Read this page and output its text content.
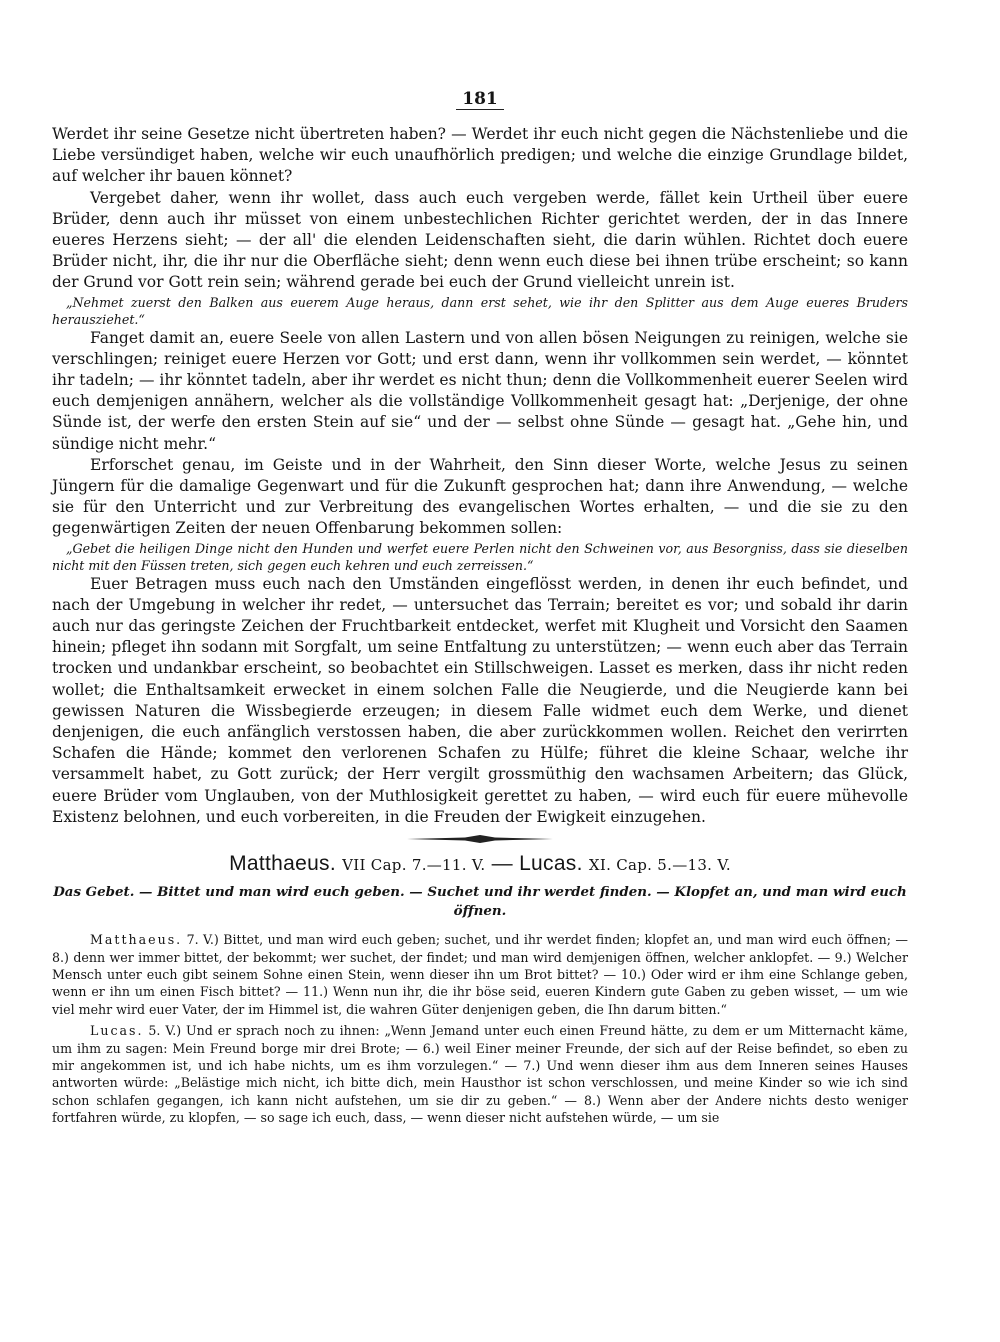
181

Werdet ihr seine Gesetze nicht übertreten haben? — Werdet ihr euch nicht gegen die Nächstenliebe und die Liebe versündiget haben, welche wir euch unaufhörlich predigen; und welche die einzige Grundlage bildet, auf welcher ihr bauen könnet?

Vergebet daher, wenn ihr wollet, dass auch euch vergeben werde, fället kein Urtheil über euere Brüder, denn auch ihr müsset von einem unbestechlichen Richter gerichtet werden, der in das Innere eueres Herzens sieht; — der all' die elenden Leidenschaften sieht, die darin wühlen. Richtet doch euere Brüder nicht, ihr, die ihr nur die Oberfläche sieht; denn wenn euch diese bei ihnen trübe erscheint; so kann der Grund vor Gott rein sein; während gerade bei euch der Grund vielleicht unrein ist.

„Nehmet zuerst den Balken aus euerem Auge heraus, dann erst sehet, wie ihr den Splitter aus dem Auge eueres Bruders herausziehet.“

Fanget damit an, euere Seele von allen Lastern und von allen bösen Neigungen zu reinigen, welche sie verschlingen; reiniget euere Herzen vor Gott; und erst dann, wenn ihr vollkommen sein werdet, — könntet ihr tadeln; — ihr könntet tadeln, aber ihr werdet es nicht thun; denn die Vollkommenheit euerer Seelen wird euch demjenigen annähern, welcher als die vollständige Vollkommenheit gesagt hat: „Derjenige, der ohne Sünde ist, der werfe den ersten Stein auf sie“ und der — selbst ohne Sünde — gesagt hat. „Gehe hin, und sündige nicht mehr.“

Erforschet genau, im Geiste und in der Wahrheit, den Sinn dieser Worte, welche Jesus zu seinen Jüngern für die damalige Gegenwart und für die Zukunft gesprochen hat; dann ihre Anwendung, — welche sie für den Unterricht und zur Verbreitung des evangelischen Wortes erhalten, — und die sie zu den gegenwärtigen Zeiten der neuen Offenbarung bekommen sollen:

„Gebet die heiligen Dinge nicht den Hunden und werfet euere Perlen nicht den Schweinen vor, aus Besorgniss, dass sie dieselben nicht mit den Füssen treten, sich gegen euch kehren und euch zerreissen.“

Euer Betragen muss euch nach den Umständen eingeflösst werden, in denen ihr euch befindet, und nach der Umgebung in welcher ihr redet, — untersuchet das Terrain; bereitet es vor; und sobald ihr darin auch nur das geringste Zeichen der Fruchtbarkeit entdecket, werfet mit Klugheit und Vorsicht den Saamen hinein; pfleget ihn sodann mit Sorgfalt, um seine Entfaltung zu unterstützen; — wenn euch aber das Terrain trocken und undankbar erscheint, so beobachtet ein Stillschweigen. Lasset es merken, dass ihr nicht reden wollet; die Enthaltsamkeit erwecket in einem solchen Falle die Neugierde, und die Neugierde kann bei gewissen Naturen die Wissbegierde erzeugen; in diesem Falle widmet euch dem Werke, und dienet denjenigen, die euch anfänglich verstossen haben, die aber zurückkommen wollen. Reichet den verirrten Schafen die Hände; kommet den verlorenen Schafen zu Hülfe; führet die kleine Schaar, welche ihr versammelt habet, zu Gott zurück; der Herr vergilt grossmüthig den wachsamen Arbeitern; das Glück, euere Brüder vom Unglauben, von der Muthlosigkeit gerettet zu haben, — wird euch für euere mühevolle Existenz belohnen, und euch vorbereiten, in die Freuden der Ewigkeit einzugehen.

Matthaeus. VII Cap. 7.—11. V. — Lucas. XI. Cap. 5.—13. V.
Das Gebet. — Bittet und man wird euch geben. — Suchet und ihr werdet finden. — Klopfet an, und man wird euch öffnen.

Matthaeus. 7. V.) Bittet, und man wird euch geben; suchet, und ihr werdet finden; klopfet an, und man wird euch öffnen; — 8.) denn wer immer bittet, der bekommt; wer suchet, der findet; und man wird demjenigen öffnen, welcher anklopfet. — 9.) Welcher Mensch unter euch gibt seinem Sohne einen Stein, wenn dieser ihn um Brot bittet? — 10.) Oder wird er ihm eine Schlange geben, wenn er ihn um einen Fisch bittet? — 11.) Wenn nun ihr, die ihr böse seid, eueren Kindern gute Gaben zu geben wisset, — um wie viel mehr wird euer Vater, der im Himmel ist, die wahren Güter denjenigen geben, die Ihn darum bitten.“

Lucas. 5. V.) Und er sprach noch zu ihnen: „Wenn Jemand unter euch einen Freund hätte, zu dem er um Mitternacht käme, um ihm zu sagen: Mein Freund borge mir drei Brote; — 6.) weil Einer meiner Freunde, der sich auf der Reise befindet, so eben zu mir angekommen ist, und ich habe nichts, um es ihm vorzulegen.“ — 7.) Und wenn dieser ihm aus dem Inneren seines Hauses antworten würde: „Belästige mich nicht, ich bitte dich, mein Hausthor ist schon verschlossen, und meine Kinder so wie ich sind schon schlafen gegangen, ich kann nicht aufstehen, um sie dir zu geben.“ — 8.) Wenn aber der Andere nichts desto weniger fortfahren würde, zu klopfen, — so sage ich euch, dass, — wenn dieser nicht aufstehen würde, — um sie
